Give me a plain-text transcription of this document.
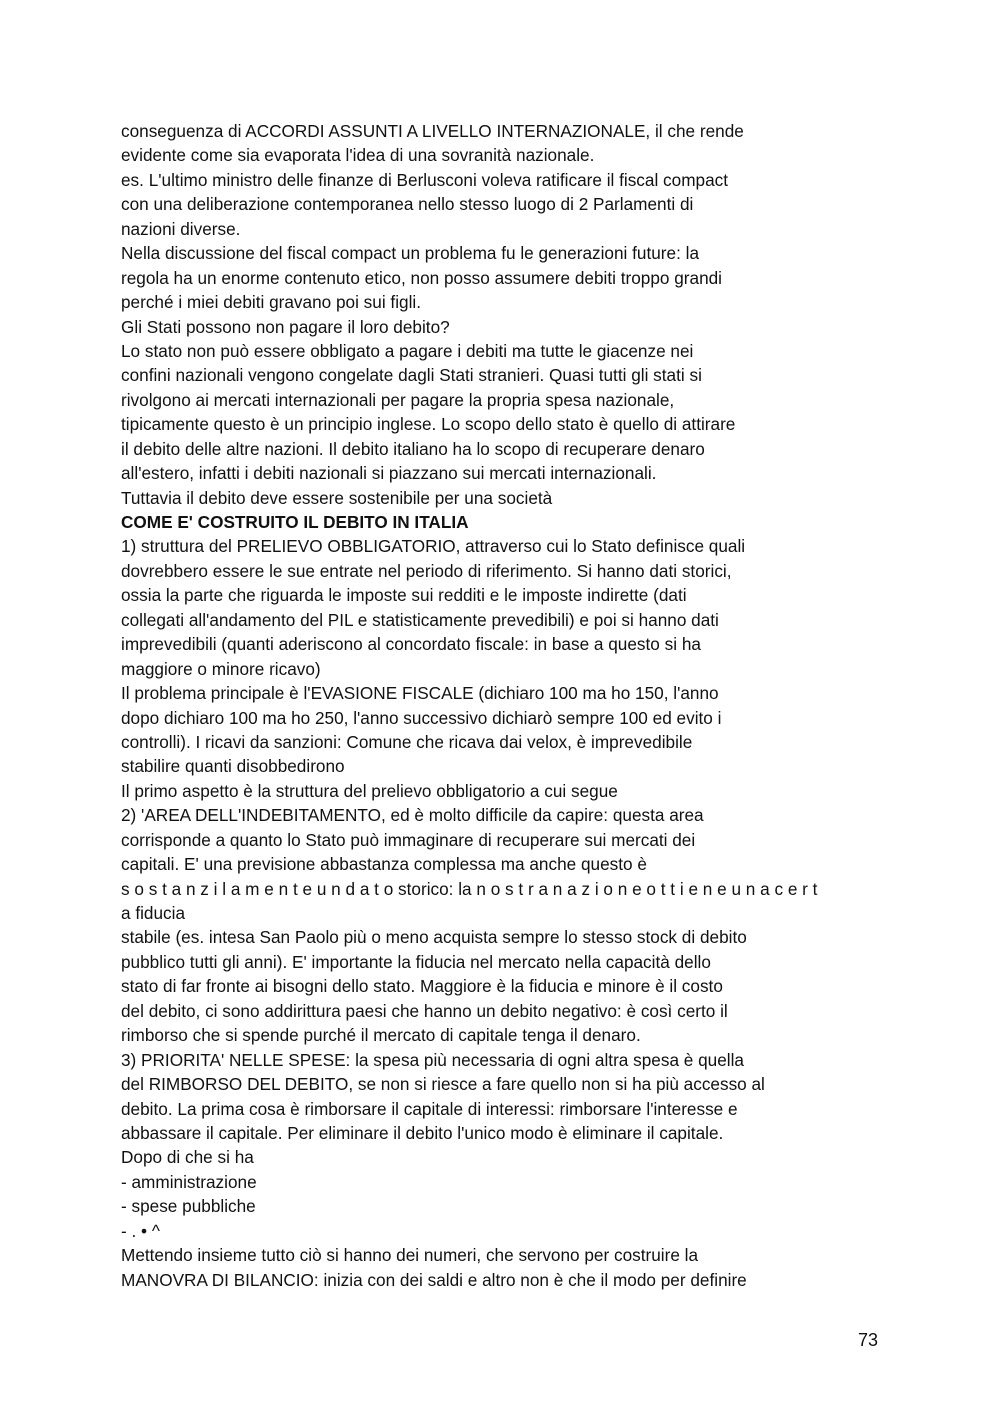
conseguenza di ACCORDI ASSUNTI A LIVELLO INTERNAZIONALE, il che rende
evidente come sia evaporata l'idea di una sovranità nazionale.
es. L'ultimo ministro delle finanze di Berlusconi voleva ratificare il fiscal compact
con una deliberazione contemporanea nello stesso luogo di 2 Parlamenti di
nazioni diverse.
Nella discussione del fiscal compact un problema fu le generazioni future: la
regola ha un enorme contenuto etico, non posso assumere debiti troppo grandi
perché i miei debiti gravano poi sui figli.
Gli Stati possono non pagare il loro debito?
Lo stato non può essere obbligato a pagare i debiti ma tutte le giacenze nei
confini nazionali vengono congelate dagli Stati stranieri. Quasi tutti gli stati si
rivolgono ai mercati internazionali per pagare la propria spesa nazionale,
tipicamente questo è un principio inglese. Lo scopo dello stato è quello di attirare
il debito delle altre nazioni. Il debito italiano ha lo scopo di recuperare denaro
all'estero, infatti i debiti nazionali si piazzano sui mercati internazionali.
Tuttavia il debito deve essere sostenibile per una società
COME E' COSTRUITO IL DEBITO IN ITALIA
1) struttura del PRELIEVO OBBLIGATORIO, attraverso cui lo Stato definisce quali
dovrebbero essere le sue entrate nel periodo di riferimento. Si hanno dati storici,
ossia la parte che riguarda le imposte sui redditi e le imposte indirette (dati
collegati all'andamento del PIL e statisticamente prevedibili) e poi si hanno dati
imprevedibili (quanti aderiscono al concordato fiscale: in base a questo si ha
maggiore o minore ricavo)
Il problema principale è l'EVASIONE FISCALE (dichiaro 100 ma ho 150, l'anno
dopo dichiaro 100 ma ho 250, l'anno successivo dichiarò sempre 100 ed evito i
controlli). I ricavi da sanzioni: Comune che ricava dai velox, è imprevedibile
stabilire quanti disobbedirono
Il primo aspetto è la struttura del prelievo obbligatorio a cui segue
2) 'AREA DELL'INDEBITAMENTO, ed è molto difficile da capire: questa area
corrisponde a quanto lo Stato può immaginare di recuperare sui mercati dei
capitali. E' una previsione abbastanza complessa ma anche questo è
s o s t a n z i l a m e n t e u n d a t o storico: la n o s t r a n a z i o n e o t t i e n e u n a c e r t
a fiducia
stabile (es. intesa San Paolo più o meno acquista sempre lo stesso stock di debito
pubblico tutti gli anni). E' importante la fiducia nel mercato nella capacità dello
stato di far fronte ai bisogni dello stato. Maggiore è la fiducia e minore è il costo
del debito, ci sono addirittura paesi che hanno un debito negativo: è così certo il
rimborso che si spende purché il mercato di capitale tenga il denaro.
3) PRIORITA' NELLE SPESE: la spesa più necessaria di ogni altra spesa è quella
del RIMBORSO DEL DEBITO, se non si riesce a fare quello non si ha più accesso al
debito. La prima cosa è rimborsare il capitale di interessi: rimborsare l'interesse e
abbassare il capitale. Per eliminare il debito l'unico modo è eliminare il capitale.
Dopo di che si ha
- amministrazione
- spese pubbliche
- . • ^
Mettendo insieme tutto ciò si hanno dei numeri, che servono per costruire la
MANOVRA DI BILANCIO: inizia con dei saldi e altro non è che il modo per definire
73
